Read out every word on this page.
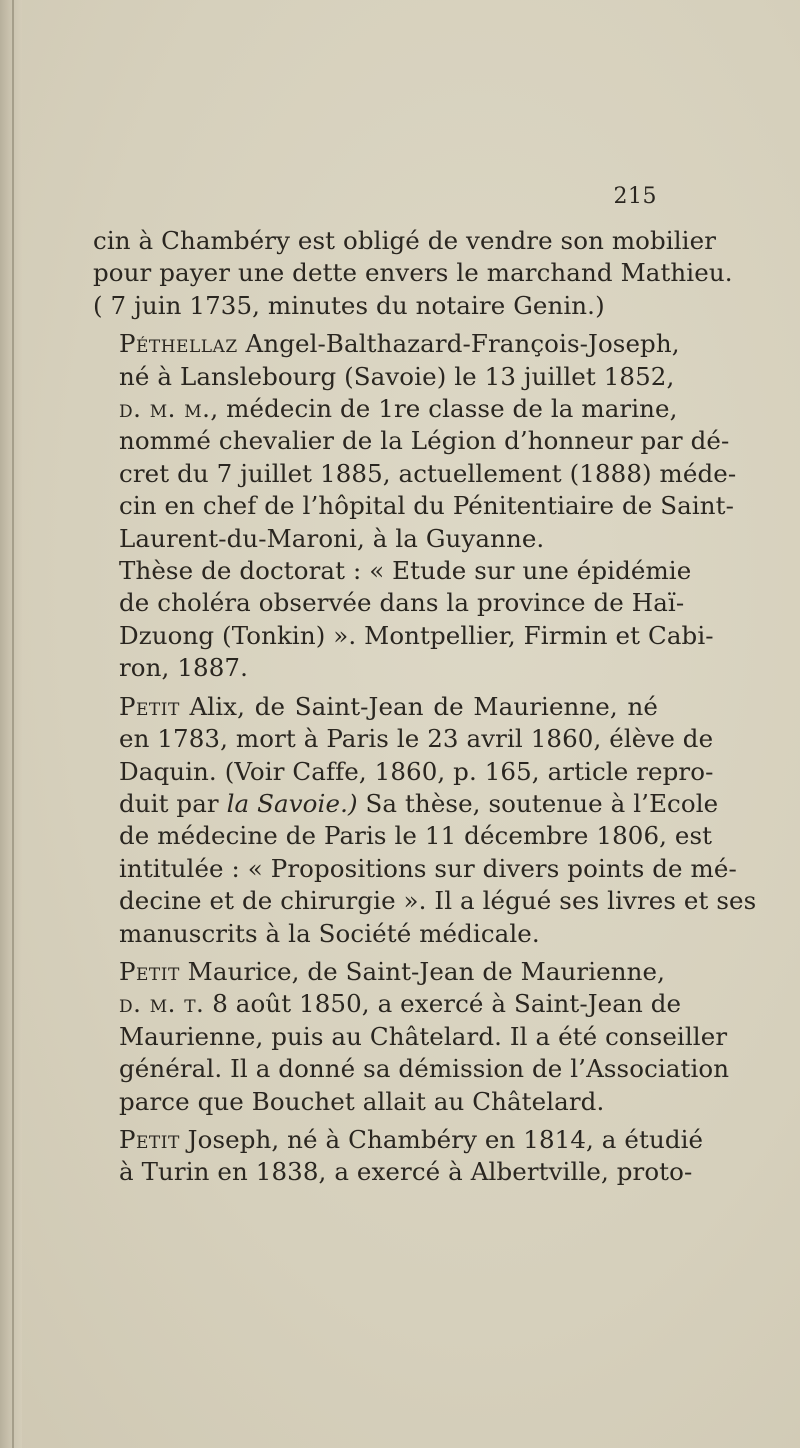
215

cin à Chambéry est obligé de vendre son mobilier
pour payer une dette envers le marchand Mathieu.
( 7 juin 1735, minutes du notaire Genin.)

Péthellaz Angel-Balthazard-François-Joseph,
né à Lanslebourg (Savoie) le 13 juillet 1852,
d. m. m., médecin de 1re classe de la marine,
nommé chevalier de la Légion d’honneur par dé-
cret du 7 juillet 1885, actuellement (1888) méde-
cin en chef de l’hôpital du Pénitentiaire de Saint-
Laurent-du-Maroni, à la Guyanne.

Thèse de doctorat : « Etude sur une épidémie
de choléra observée dans la province de Haï-
Dzuong (Tonkin) ». Montpellier, Firmin et Cabi-
ron, 1887.

Petit Alix, de Saint-Jean de Maurienne, né
en 1783, mort à Paris le 23 avril 1860, élève de
Daquin. (Voir Caffe, 1860, p. 165, article repro-
duit par la Savoie.) Sa thèse, soutenue à l’Ecole
de médecine de Paris le 11 décembre 1806, est
intitulée : « Propositions sur divers points de mé-
decine et de chirurgie ». Il a légué ses livres et ses
manuscrits à la Société médicale.

Petit Maurice, de Saint-Jean de Maurienne,
d. m. t. 8 août 1850, a exercé à Saint-Jean de
Maurienne, puis au Châtelard. Il a été conseiller
général. Il a donné sa démission de l’Association
parce que Bouchet allait au Châtelard.

Petit Joseph, né à Chambéry en 1814, a étudié
à Turin en 1838, a exercé à Albertville, proto-
